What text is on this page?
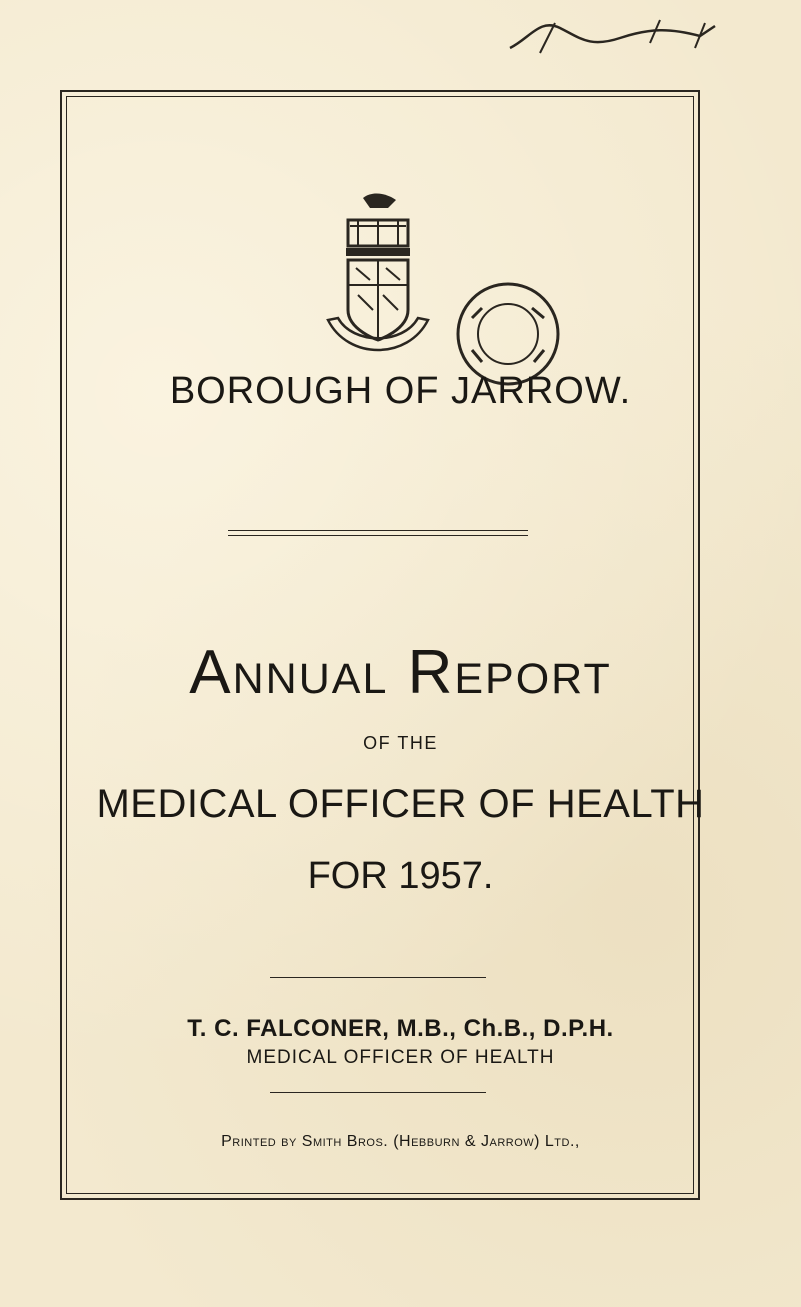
BOROUGH OF JARROW.
Annual Report
OF THE
MEDICAL OFFICER OF HEALTH
FOR 1957.
T. C. FALCONER, M.B., Ch.B., D.P.H.
MEDICAL OFFICER OF HEALTH
Printed by Smith Bros. (Hebburn & Jarrow) Ltd.,
